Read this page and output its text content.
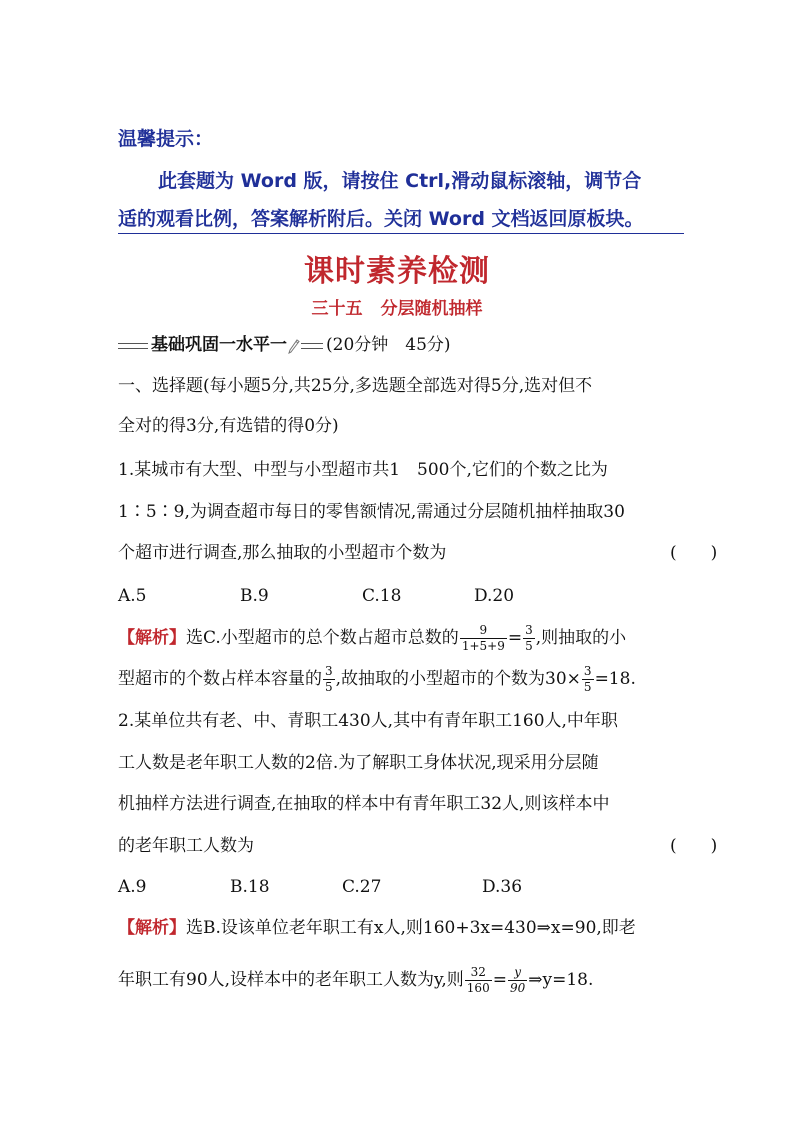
温馨提示：
此套题为 Word 版，请按住 Ctrl,滑动鼠标滚轴，调节合
适的观看比例，答案解析附后。关闭 Word 文档返回原板块。
课时素养检测
三十五 分层随机抽样
基础巩固一水平一 (20分钟　45分)
一、选择题(每小题5分,共25分,多选题全部选对得5分,选对但不
全对的得3分,有选错的得0分)
1.某城市有大型、中型与小型超市共1　500个,它们的个数之比为
1∶5∶9,为调查超市每日的零售额情况,需通过分层随机抽样抽取30
个超市进行调查,那么抽取的小型超市个数为	(　　)
A.5	B.9	C.18	D.20
【解析】选C.小型超市的总个数占超市总数的 $\frac{9}{1+5+9} = \frac{3}{5}$ ,则抽取的小
型超市的个数占样本容量的 $\frac{3}{5}$ ,故抽取的小型超市的个数为$30\times \frac{3}{5} =18$.
2.某单位共有老、中、青职工430人,其中有青年职工160人,中年职
工人数是老年职工人数的2倍.为了解职工身体状况,现采用分层随
机抽样方法进行调查,在抽取的样本中有青年职工32人,则该样本中
的老年职工人数为	(　　)
A.9	B.18	C.27	D.36
【解析】选B.设该单位老年职工有x人,则160+3x=430⇒x=90,即老
年职工有90人,设样本中的老年职工人数为y,则 $\frac{32}{160} = \frac{y}{90}$ ⇒y=18.
